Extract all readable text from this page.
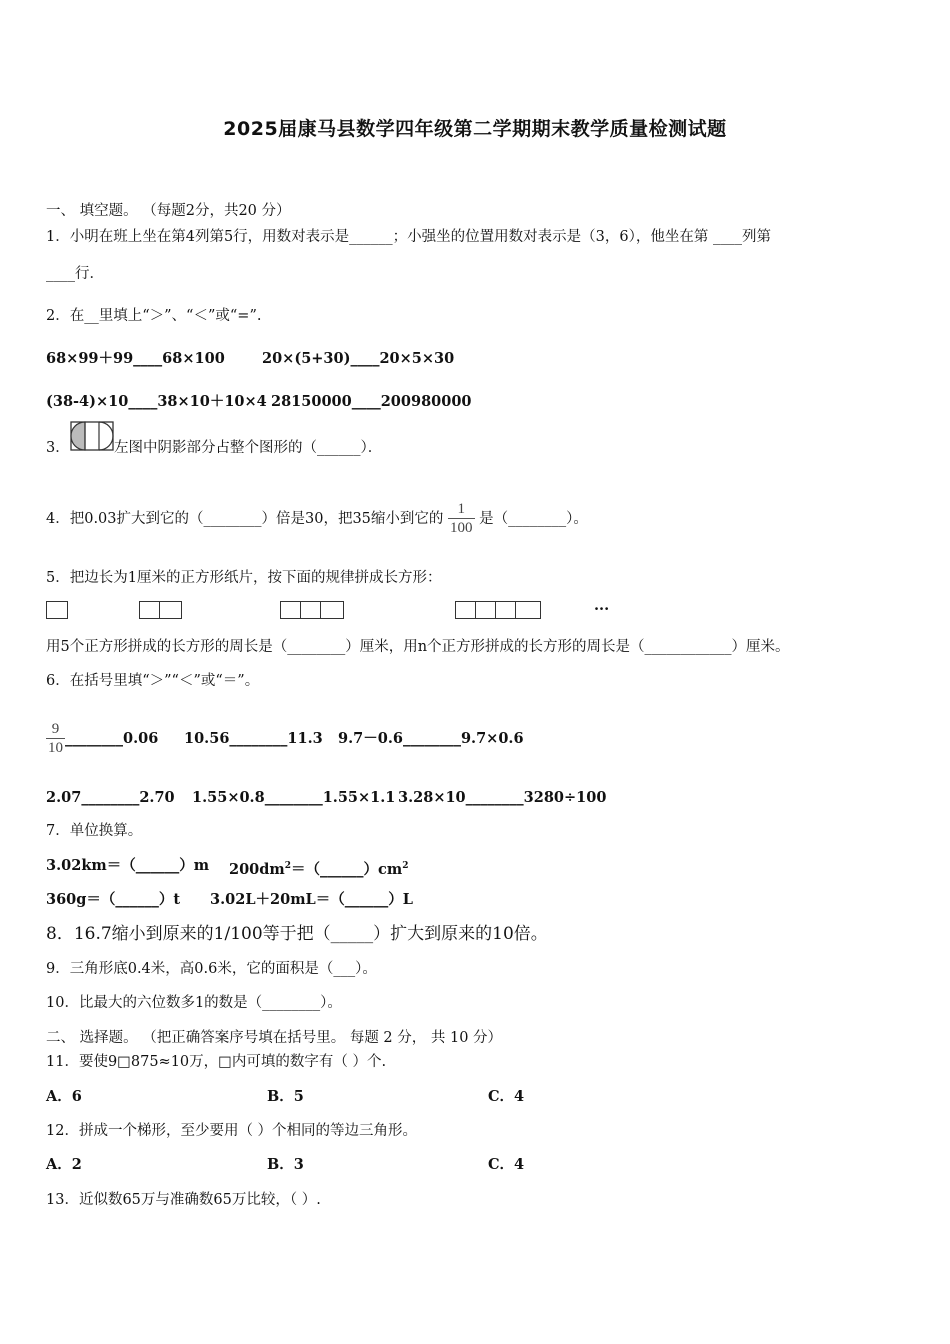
2025届康马县数学四年级第二学期期末教学质量检测试题
一、 填空题。 （每题2分，共20 分）
1．小明在班上坐在第4列第5行，用数对表示是______；小强坐的位置用数对表示是（3，6），他坐在第 ____列第
____行．
2．在__里填上“＞”、“＜”或“=”.
68×99＋99____68×100	20×(5+30)____20×5×30
(38-4)×10____38×10＋10×4 28150000____200980000
3．	左图中阴影部分占整个图形的（______）．
4．把0.03扩大到它的（________）倍是30，把35缩小到它的 $\frac{1}{100}$ 是（________）。
5．把边长为1厘米的正方形纸片，按下面的规律拼成长方形：
···
用5个正方形拼成的长方形的周长是（________）厘米，用n个正方形拼成的长方形的周长是（____________）厘米。
6．在括号里填“＞”“＜”或“＝”。
$\frac{9}{10}$ ________0.06 10.56________11.3 9.7－0.6________9.7×0.6
2.07________2.70 1.55×0.8________1.55×1.1 3.28×10________3280÷100
7．单位换算。
3.02km＝（______）m $200dm^2=(\_\_\_\_\_\_)cm^2$
360g＝（______）t 3.02L＋20mL＝（______）L
8．16.7缩小到原来的1/100等于把（_____）扩大到原来的10倍。
9．三角形底0.4米，高0.6米，它的面积是（___）。
10．比最大的六位数多1的数是（________）。
二、 选择题。 （把正确答案序号填在括号里。 每题 2 分， 共 10 分）
11．要使9□875≈10万，□内可填的数字有（ ）个.
A．6	B．5	C．4
12．拼成一个梯形，至少要用（ ）个相同的等边三角形。
A．2	B．3	C．4
13．近似数65万与准确数65万比较，（ ）.
